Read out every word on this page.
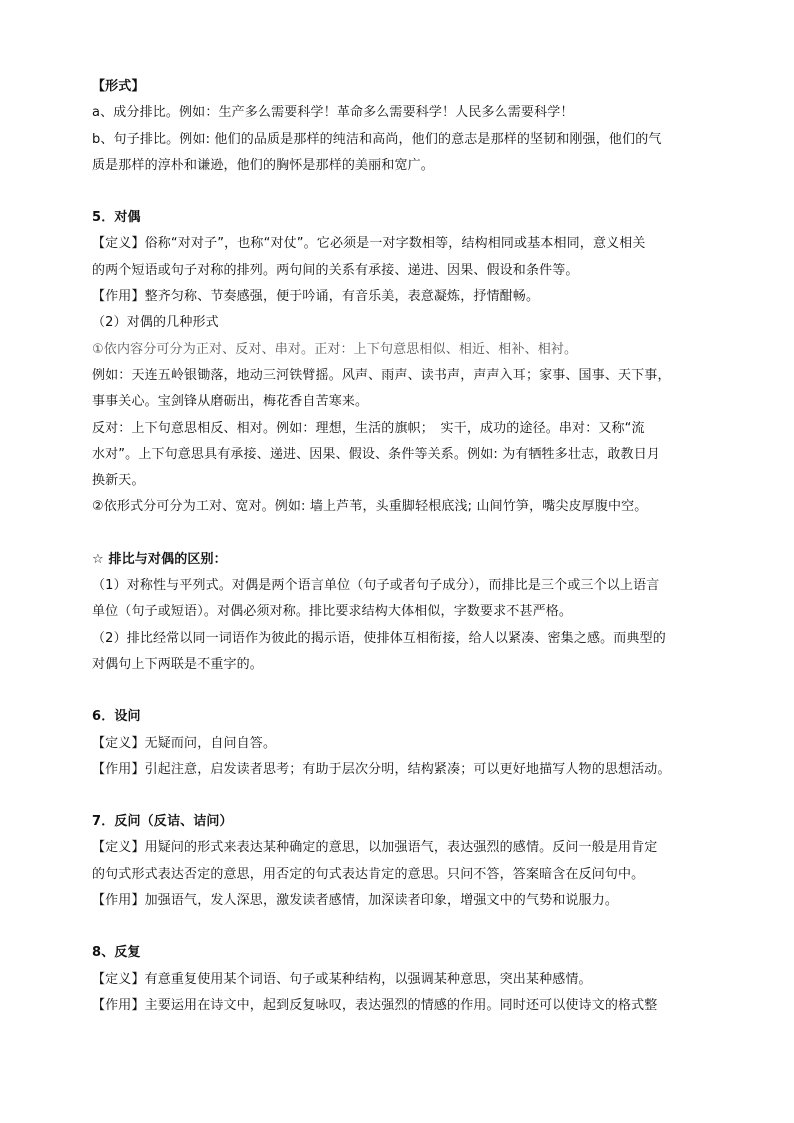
【形式】
a、成分排比。例如：生产多么需要科学！革命多么需要科学！人民多么需要科学！
b、句子排比。例如: 他们的品质是那样的纯洁和高尚，他们的意志是那样的坚韧和刚强，他们的气
质是那样的淳朴和谦逊，他们的胸怀是那样的美丽和宽广。
5．对偶
【定义】俗称“对对子”，也称“对仗”。它必须是一对字数相等，结构相同或基本相同，意义相关
的两个短语或句子对称的排列。两句间的关系有承接、递进、因果、假设和条件等。
【作用】整齐匀称、节奏感强，便于吟诵，有音乐美，表意凝炼，抒情酣畅。
（2）对偶的几种形式
①依内容分可分为正对、反对、串对。正对：上下句意思相似、相近、相补、相衬。
例如：天连五岭银锄落，地动三河铁臂摇。风声、雨声、读书声，声声入耳；家事、国事、天下事，
事事关心。宝剑锋从磨砺出，梅花香自苦寒来。
反对：上下句意思相反、相对。例如：理想，生活的旗帜；　实干，成功的途径。串对：又称“流
水对”。上下句意思具有承接、递进、因果、假设、条件等关系。例如: 为有牺牲多壮志，敢教日月
换新天。
②依形式分可分为工对、宽对。例如: 墙上芦苇，头重脚轻根底浅; 山间竹笋，嘴尖皮厚腹中空。
☆ 排比与对偶的区别：
（1）对称性与平列式。对偶是两个语言单位（句子或者句子成分），而排比是三个或三个以上语言
单位（句子或短语）。对偶必须对称。排比要求结构大体相似，字数要求不甚严格。
（2）排比经常以同一词语作为彼此的揭示语，使排体互相衔接，给人以紧凑、密集之感。而典型的
对偶句上下两联是不重字的。
6．设问
【定义】无疑而问，自问自答。
【作用】引起注意，启发读者思考；有助于层次分明，结构紧凑；可以更好地描写人物的思想活动。
7．反问（反诘、诘问）
【定义】用疑问的形式来表达某种确定的意思，以加强语气，表达强烈的感情。反问一般是用肯定
的句式形式表达否定的意思，用否定的句式表达肯定的意思。只问不答，答案暗含在反问句中。
【作用】加强语气，发人深思，激发读者感情，加深读者印象，增强文中的气势和说服力。
8、反复
【定义】有意重复使用某个词语、句子或某种结构，以强调某种意思，突出某种感情。
【作用】主要运用在诗文中，起到反复咏叹，表达强烈的情感的作用。同时还可以使诗文的格式整
